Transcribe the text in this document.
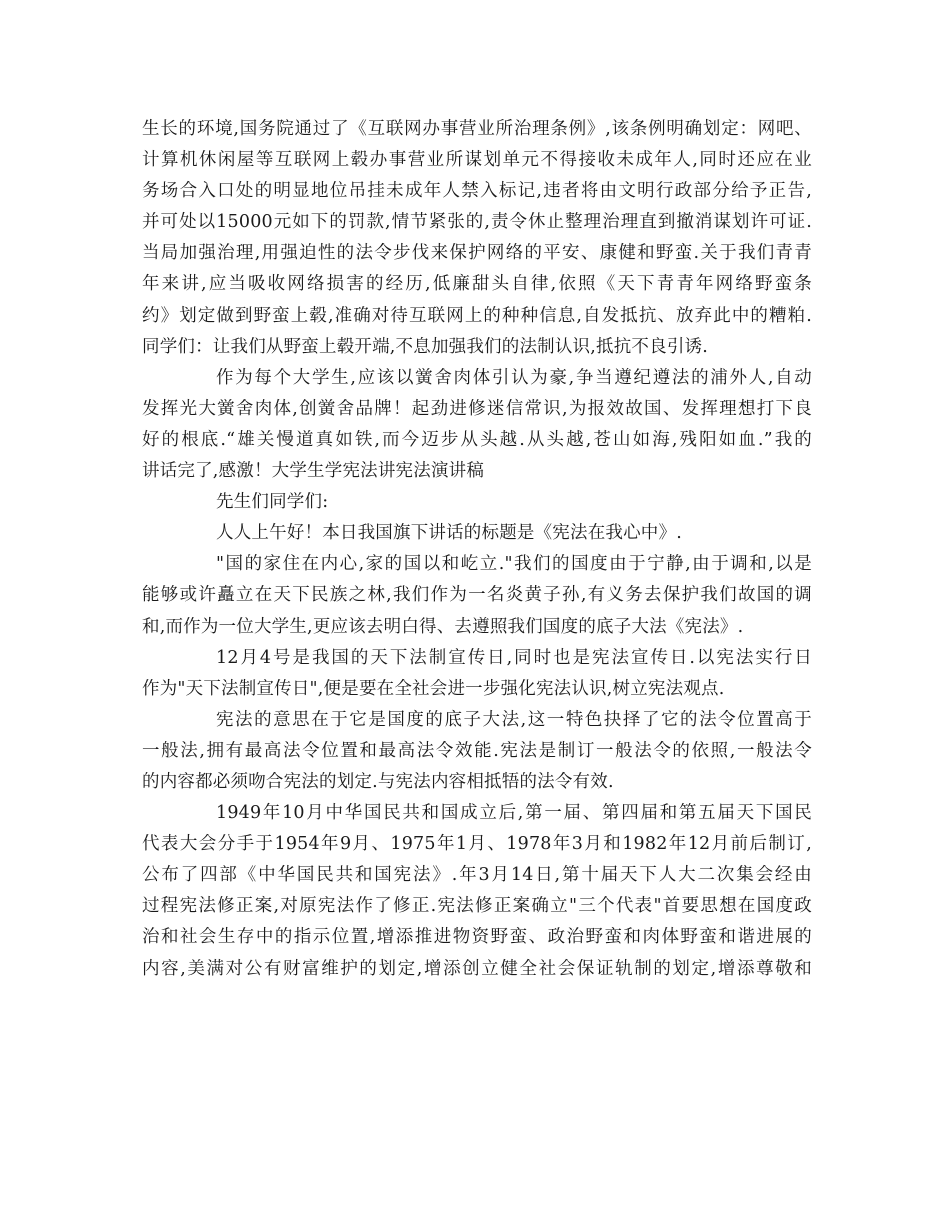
生长的环境,国务院通过了《互联网办事营业所治理条例》,该条例明确划定：网吧、
计算机休闲屋等互联网上毂办事营业所谋划单元不得接收未成年人,同时还应在业
务场合入口处的明显地位吊挂未成年人禁入标记,违者将由文明行政部分给予正告,
并可处以15000元如下的罚款,情节紧张的,责令休止整理治理直到撤消谋划许可证.
当局加强治理,用强迫性的法令步伐来保护网络的平安、康健和野蛮.关于我们青青
年来讲,应当吸收网络损害的经历,低廉甜头自律,依照《天下青青年网络野蛮条
约》划定做到野蛮上毂,准确对待互联网上的种种信息,自发抵抗、放弃此中的糟粕.
同学们：让我们从野蛮上毂开端,不息加强我们的法制认识,抵抗不良引诱.
作为每个大学生,应该以黉舍肉体引认为豪,争当遵纪遵法的浦外人,自动
发挥光大黉舍肉体,创黉舍品牌！起劲进修迷信常识,为报效故国、发挥理想打下良
好的根底.“雄关慢道真如铁,而今迈步从头越.从头越,苍山如海,残阳如血.”我的
讲话完了,感激！大学生学宪法讲宪法演讲稿
先生们同学们:
人人上午好！本日我国旗下讲话的标题是《宪法在我心中》.
"国的家住在内心,家的国以和屹立."我们的国度由于宁静,由于调和,以是
能够或许矗立在天下民族之林,我们作为一名炎黄子孙,有义务去保护我们故国的调
和,而作为一位大学生,更应该去明白得、去遵照我们国度的底子大法《宪法》.
12月4号是我国的天下法制宣传日,同时也是宪法宣传日.以宪法实行日
作为"天下法制宣传日",便是要在全社会进一步强化宪法认识,树立宪法观点.
宪法的意思在于它是国度的底子大法,这一特色抉择了它的法令位置高于
一般法,拥有最高法令位置和最高法令效能.宪法是制订一般法令的依照,一般法令
的内容都必须吻合宪法的划定.与宪法内容相抵牾的法令有效.
1949年10月中华国民共和国成立后,第一届、第四届和第五届天下国民
代表大会分手于1954年9月、1975年1月、1978年3月和1982年12月前后制订,
公布了四部《中华国民共和国宪法》.年3月14日,第十届天下人大二次集会经由
过程宪法修正案,对原宪法作了修正.宪法修正案确立"三个代表"首要思想在国度政
治和社会生存中的指示位置,增添推进物资野蛮、政治野蛮和肉体野蛮和谐进展的
内容,美满对公有财富维护的划定,增添创立健全社会保证轨制的划定,增添尊敬和
